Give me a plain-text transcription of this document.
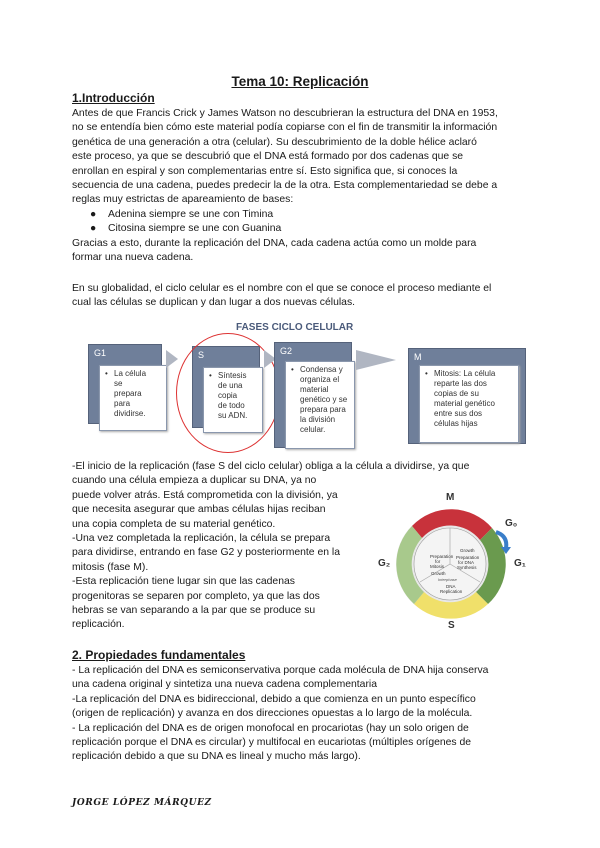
Tema 10: Replicación
1.Introducción

Antes de que Francis Crick y James Watson no descubrieran la estructura del DNA en 1953,

no se entendía bien cómo este material podía copiarse con el fin de transmitir la información

genética de una generación a otra (celular). Su descubrimiento de la doble hélice aclaró

este proceso, ya que se descubrió que el DNA está formado por dos cadenas que se

enrollan en espiral y son complementarias entre sí. Esto significa que, si conoces la

secuencia de una cadena, puedes predecir la de la otra. Esta complementariedad se debe a

reglas muy estrictas de apareamiento de bases:

● Adenina siempre se une con Timina
● Citosina siempre se une con Guanina

Gracias a esto, durante la replicación del DNA, cada cadena actúa como un molde para

formar una nueva cadena.

En su globalidad, el ciclo celular es el nombre con el que se conoce el proceso mediante el

cual las células se duplican y dan lugar a dos nuevas células.

FASES CICLO CELULAR
G1
• La célula
se
prepara
para
dividirse.
S
• Síntesis
de una
copia
de todo
su ADN.
G2
• Condensa y
organiza el
material
genético y se
prepara para
la división
celular.
M
• Mitosis: La célula
reparte las dos
copias de su
material genético
entre sus dos
células hijas

-El inicio de la replicación (fase S del ciclo celular) obliga a la célula a dividirse, ya que

cuando una célula empieza a duplicar su DNA, ya no

puede volver atrás. Está comprometida con la división, ya

que necesita asegurar que ambas células hijas reciban

una copia completa de su material genético.

-Una vez completada la replicación, la célula se prepara

para dividirse, entrando en fase G2 y posteriormente en la

mitosis (fase M).

-Esta replicación tiene lugar sin que las cadenas

progenitoras se separen por completo, ya que las dos

hebras se van separando a la par que se produce su

replicación.

Preparation
for
Mitosis
Growth
Growth
Preparation
for DNA
Synthesis
DNA
Replication
Interphase
M
G₀
G₁
G₂
S
2. Propiedades fundamentales

- La replicación del DNA es semiconservativa porque cada molécula de DNA hija conserva

una cadena original y sintetiza una nueva cadena complementaria

-La replicación del DNA es bidireccional, debido a que comienza en un punto específico

(origen de replicación) y avanza en dos direcciones opuestas a lo largo de la molécula.

- La replicación del DNA es de origen monofocal en procariotas (hay un solo origen de

replicación porque el DNA es circular) y multifocal en eucariotas (múltiples orígenes de

replicación debido a que su DNA es lineal y mucho más largo).

JORGE LÓPEZ MÁRQUEZ
